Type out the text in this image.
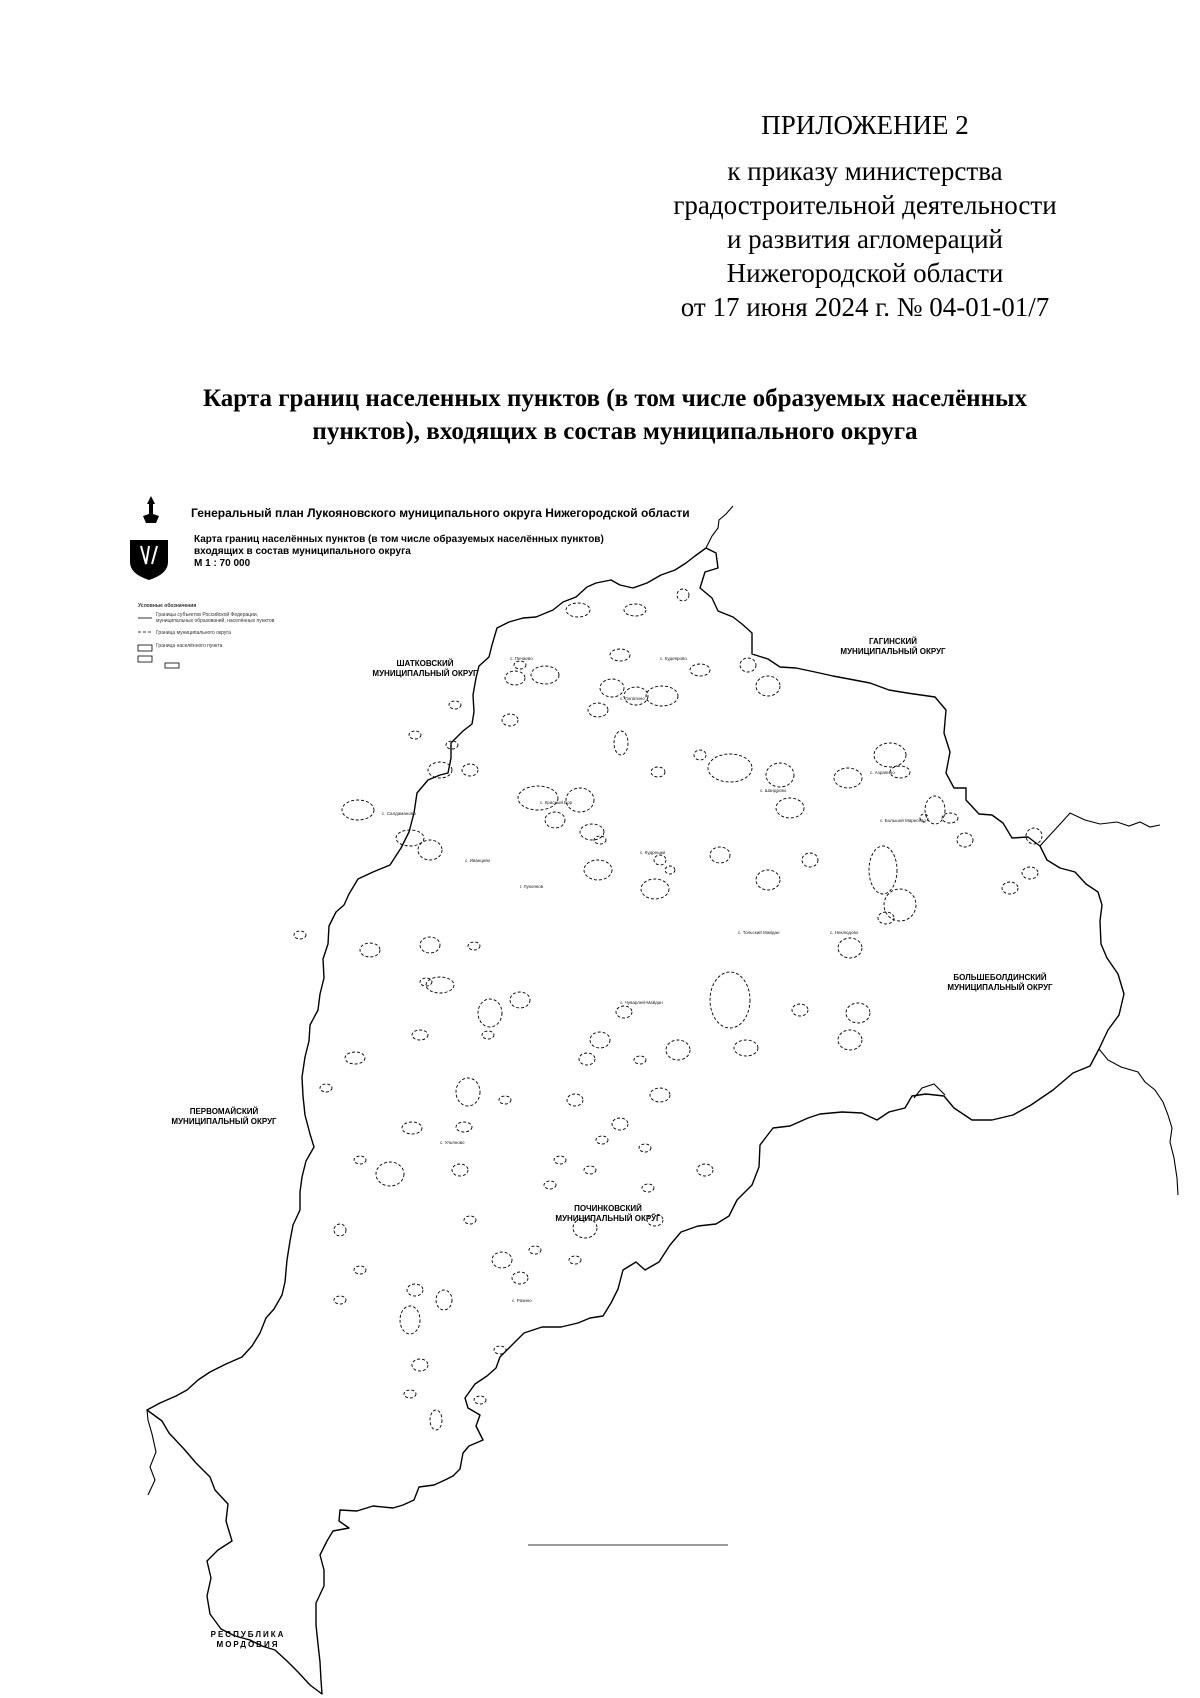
ПРИЛОЖЕНИЕ 2
к приказу министерства
градостроительной деятельности
и развития агломераций
Нижегородской области
от 17 июня 2024 г. № 04-01-01/7
Карта границ населенных пунктов (в том числе образуемых населённых
пунктов), входящих в состав муниципального округа
Генеральный план Лукояновского муниципального округа Нижегородской области
Карта границ населённых пунктов (в том числе образуемых населённых пунктов)
входящих в состав муниципального округа
М 1 : 70 000
Условные обозначения
Границы субъектов Российской Федерации, муниципальных образований, населённых пунктов
Граница муниципального округа
Граница населённого пункта
ШАТКОВСКИЙ
МУНИЦИПАЛЬНЫЙ ОКРУГ
ГАГИНСКИЙ
МУНИЦИПАЛЬНЫЙ ОКРУГ
БОЛЬШЕБОЛДИНСКИЙ
МУНИЦИПАЛЬНЫЙ ОКРУГ
ПЕРВОМАЙСКИЙ
МУНИЦИПАЛЬНЫЙ ОКРУГ
ПОЧИНКОВСКИЙ
МУНИЦИПАЛЬНЫЙ ОКРУГ
РЕСПУБЛИКА
МОРДОВИЯ
с. Пичаево	с. Кудеярово
с. Лопатино
с. Салдаманово
с. Шандрово
с. Азрапино
с. Большой Маресево
с. Тольский Майдан
с. Красный Бор
с. Кудрешки
г. Лукоянов
с. Иванцево
с. Неклюдово
с. Чуварлей-Майдан
с. Ульяново
с. Разино
